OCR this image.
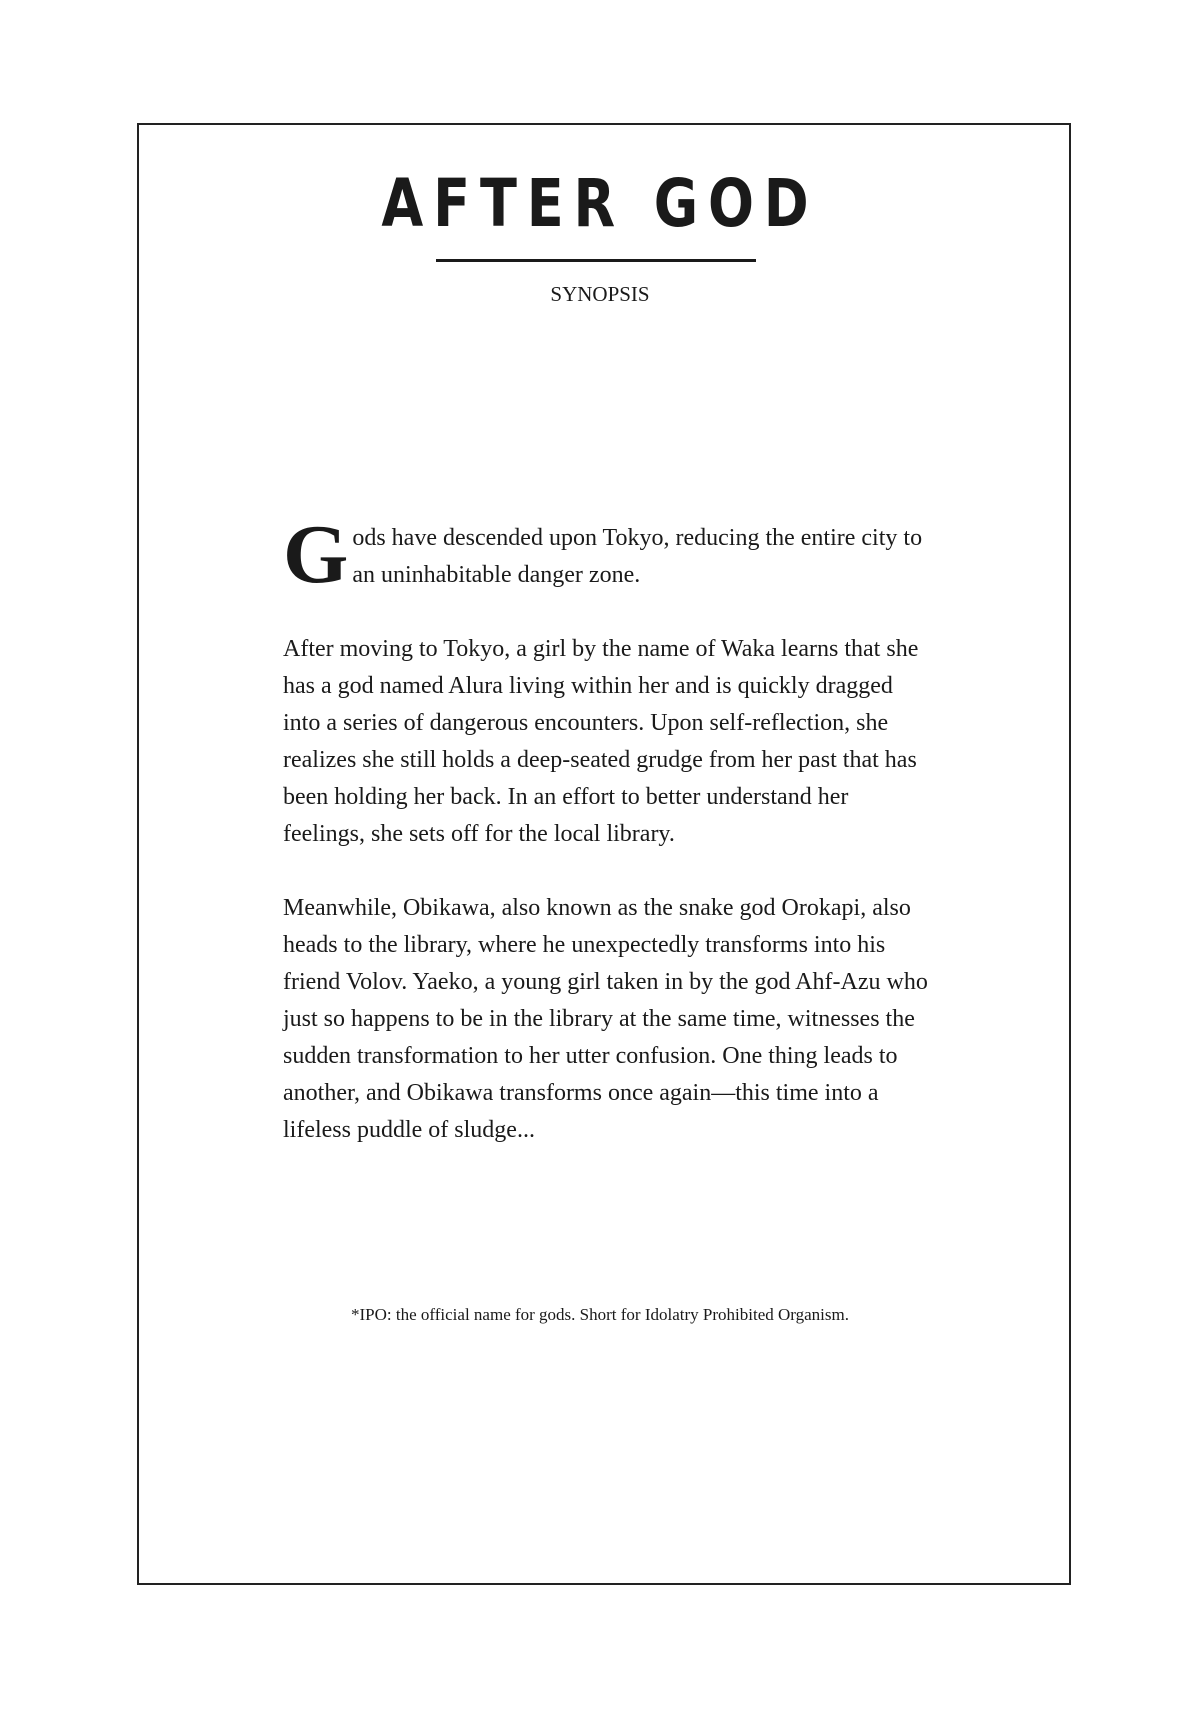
AFTER GOD
SYNOPSIS
G ods have descended upon Tokyo, reducing the entire city to an uninhabitable danger zone.

After moving to Tokyo, a girl by the name of Waka learns that she has a god named Alura living within her and is quickly dragged into a series of dangerous encounters. Upon self-reflection, she realizes she still holds a deep-seated grudge from her past that has been holding her back. In an effort to better understand her feelings, she sets off for the local library.

Meanwhile, Obikawa, also known as the snake god Orokapi, also heads to the library, where he unexpectedly transforms into his friend Volov. Yaeko, a young girl taken in by the god Ahf-Azu who just so happens to be in the library at the same time, witnesses the sudden transformation to her utter confusion. One thing leads to another, and Obikawa transforms once again—this time into a lifeless puddle of sludge...

*IPO: the official name for gods. Short for Idolatry Prohibited Organism.
